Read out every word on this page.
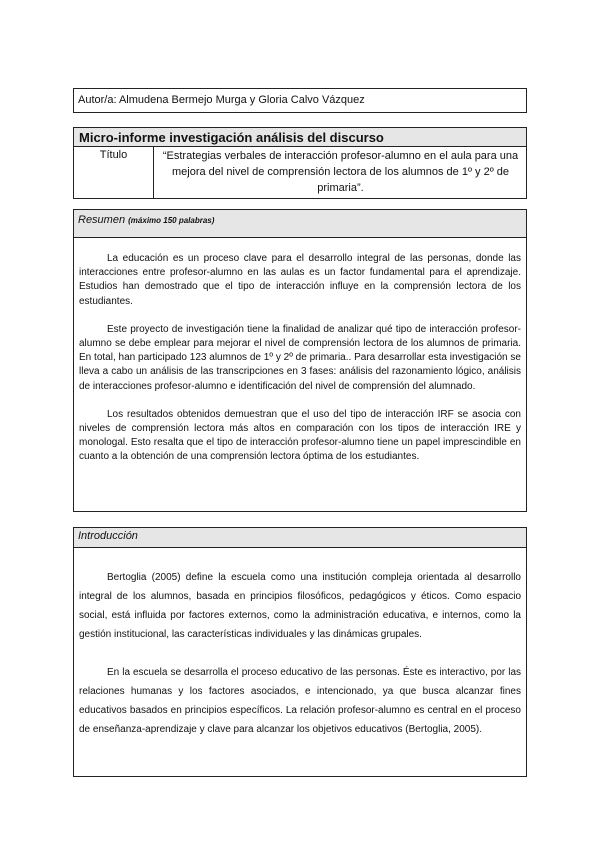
Autor/a: Almudena Bermejo Murga y Gloria Calvo Vázquez
Micro-informe investigación análisis del discurso
Título	“Estrategias verbales de interacción profesor-alumno en el aula para una mejora del nivel de comprensión lectora de los alumnos de 1º y 2º de primaria”.
Resumen (máximo 150 palabras)

La educación es un proceso clave para el desarrollo integral de las personas, donde las interacciones entre profesor-alumno en las aulas es un factor fundamental para el aprendizaje. Estudios han demostrado que el tipo de interacción influye en la comprensión lectora de los estudiantes.

Este proyecto de investigación tiene la finalidad de analizar qué tipo de interacción profesor-alumno se debe emplear para mejorar el nivel de comprensión lectora de los alumnos de primaria. En total, han participado 123 alumnos de 1º y 2º de primaria.. Para desarrollar esta investigación se lleva a cabo un análisis de las transcripciones en 3 fases: análisis del razonamiento lógico, análisis de interacciones profesor-alumno e identificación del nivel de comprensión del alumnado.

Los resultados obtenidos demuestran que el uso del tipo de interacción IRF se asocia con niveles de comprensión lectora más altos en comparación con los tipos de interacción IRE y monologal. Esto resalta que el tipo de interacción profesor-alumno tiene un papel imprescindible en cuanto a la obtención de una comprensión lectora óptima de los estudiantes.

Introducción

Bertoglia (2005) define la escuela como una institución compleja orientada al desarrollo integral de los alumnos, basada en principios filosóficos, pedagógicos y éticos. Como espacio social, está influida por factores externos, como la administración educativa, e internos, como la gestión institucional, las características individuales y las dinámicas grupales.

En la escuela se desarrolla el proceso educativo de las personas. Éste es interactivo, por las relaciones humanas y los factores asociados, e intencionado, ya que busca alcanzar fines educativos basados en principios específicos. La relación profesor-alumno es central en el proceso de enseñanza-aprendizaje y clave para alcanzar los objetivos educativos (Bertoglia, 2005).
